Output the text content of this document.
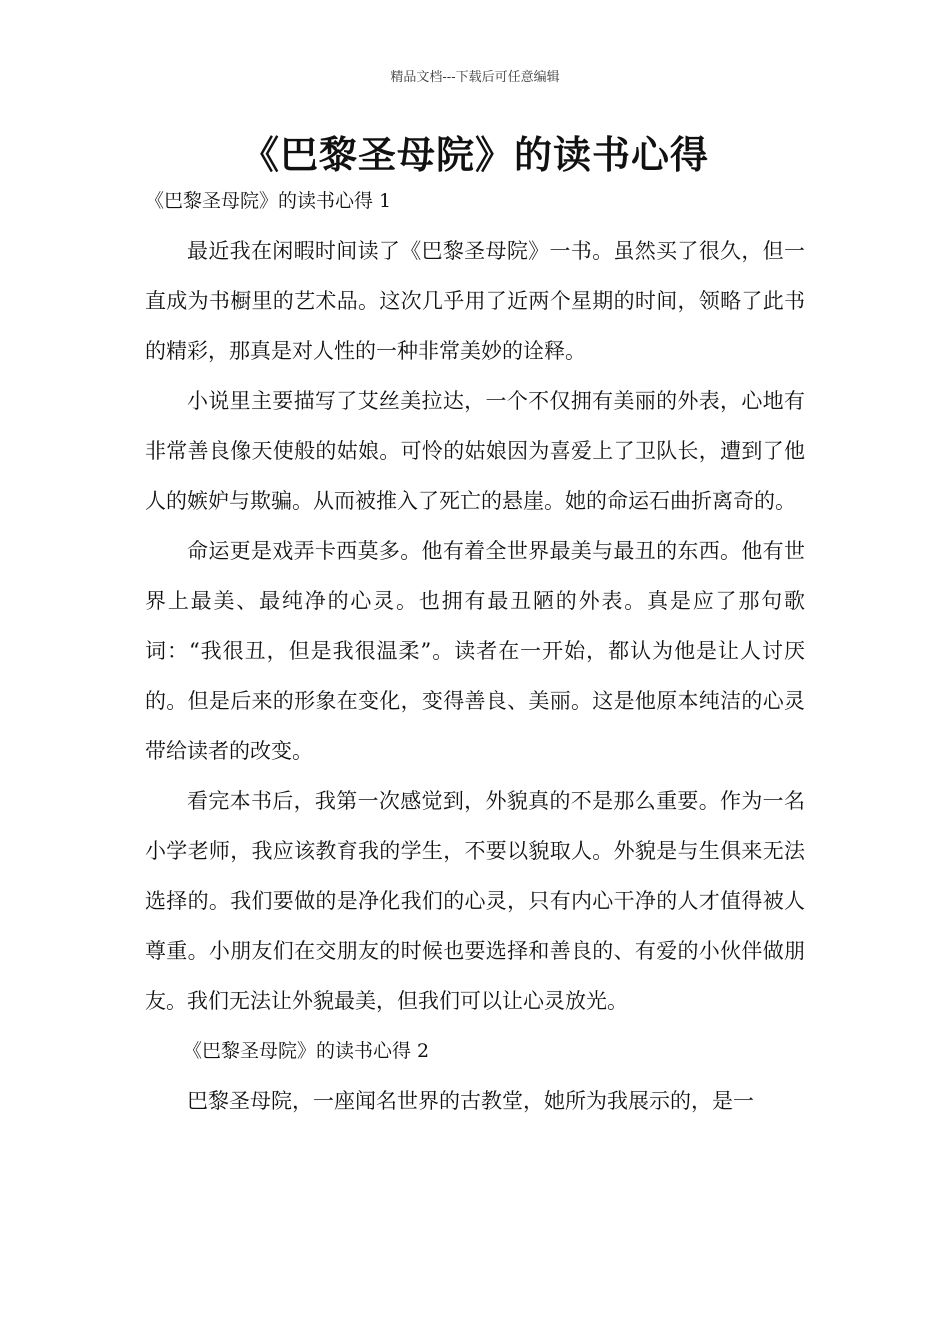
精品文档---下载后可任意编辑
《巴黎圣母院》的读书心得
《巴黎圣母院》的读书心得 1

最近我在闲暇时间读了《巴黎圣母院》一书。虽然买了很久，但一直成为书橱里的艺术品。这次几乎用了近两个星期的时间，领略了此书的精彩，那真是对人性的一种非常美妙的诠释。

小说里主要描写了艾丝美拉达，一个不仅拥有美丽的外表，心地有非常善良像天使般的姑娘。可怜的姑娘因为喜爱上了卫队长，遭到了他人的嫉妒与欺骗。从而被推入了死亡的悬崖。她的命运石曲折离奇的。

命运更是戏弄卡西莫多。他有着全世界最美与最丑的东西。他有世界上最美、最纯净的心灵。也拥有最丑陋的外表。真是应了那句歌词：“我很丑，但是我很温柔”。读者在一开始，都认为他是让人讨厌的。但是后来的形象在变化，变得善良、美丽。这是他原本纯洁的心灵带给读者的改变。

看完本书后，我第一次感觉到，外貌真的不是那么重要。作为一名小学老师，我应该教育我的学生，不要以貌取人。外貌是与生俱来无法选择的。我们要做的是净化我们的心灵，只有内心干净的人才值得被人尊重。小朋友们在交朋友的时候也要选择和善良的、有爱的小伙伴做朋友。我们无法让外貌最美，但我们可以让心灵放光。

《巴黎圣母院》的读书心得 2

巴黎圣母院，一座闻名世界的古教堂，她所为我展示的，是一
